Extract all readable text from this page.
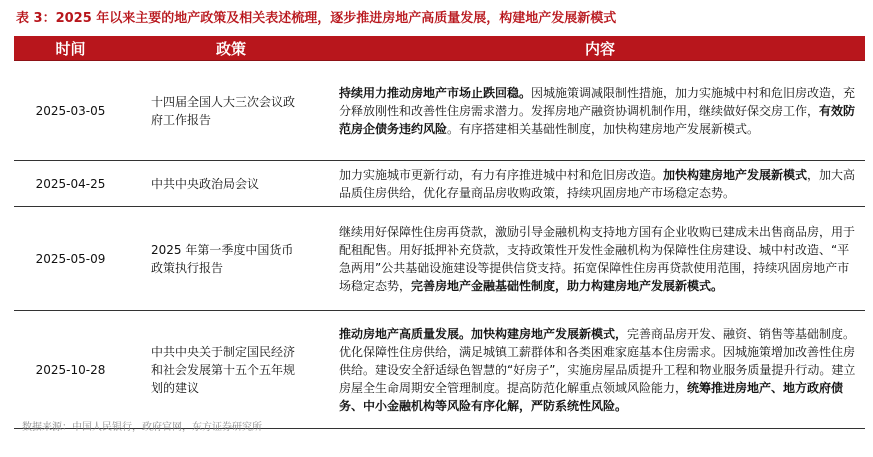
表 3：2025 年以来主要的地产政策及相关表述梳理，逐步推进房地产高质量发展，构建地产发展新模式
时间	政策	内容
2025-03-05	十四届全国人大三次会议政府工作报告	持续用力推动房地产市场止跌回稳。因城施策调减限制性措施，加力实施城中村和危旧房改造，充分释放刚性和改善性住房需求潜力。发挥房地产融资协调机制作用，继续做好保交房工作，有效防范房企债务违约风险。有序搭建相关基础性制度，加快构建房地产发展新模式。
2025-04-25	中共中央政治局会议	加力实施城市更新行动，有力有序推进城中村和危旧房改造。加快构建房地产发展新模式，加大高品质住房供给，优化存量商品房收购政策，持续巩固房地产市场稳定态势。
2025-05-09	2025 年第一季度中国货币政策执行报告	继续用好保障性住房再贷款，激励引导金融机构支持地方国有企业收购已建成未出售商品房，用于配租配售。用好抵押补充贷款，支持政策性开发性金融机构为保障性住房建设、城中村改造、“平急两用”公共基础设施建设等提供信贷支持。拓宽保障性住房再贷款使用范围，持续巩固房地产市场稳定态势，完善房地产金融基础性制度，助力构建房地产发展新模式。
2025-10-28	中共中央关于制定国民经济和社会发展第十五个五年规划的建议	推动房地产高质量发展。加快构建房地产发展新模式，完善商品房开发、融资、销售等基础制度。优化保障性住房供给，满足城镇工薪群体和各类困难家庭基本住房需求。因城施策增加改善性住房供给。建设安全舒适绿色智慧的“好房子”，实施房屋品质提升工程和物业服务质量提升行动。建立房屋全生命周期安全管理制度。提高防范化解重点领域风险能力，统筹推进房地产、地方政府债务、中小金融机构等风险有序化解，严防系统性风险。
数据来源：中国人民银行，政府官网，东方证券研究所
